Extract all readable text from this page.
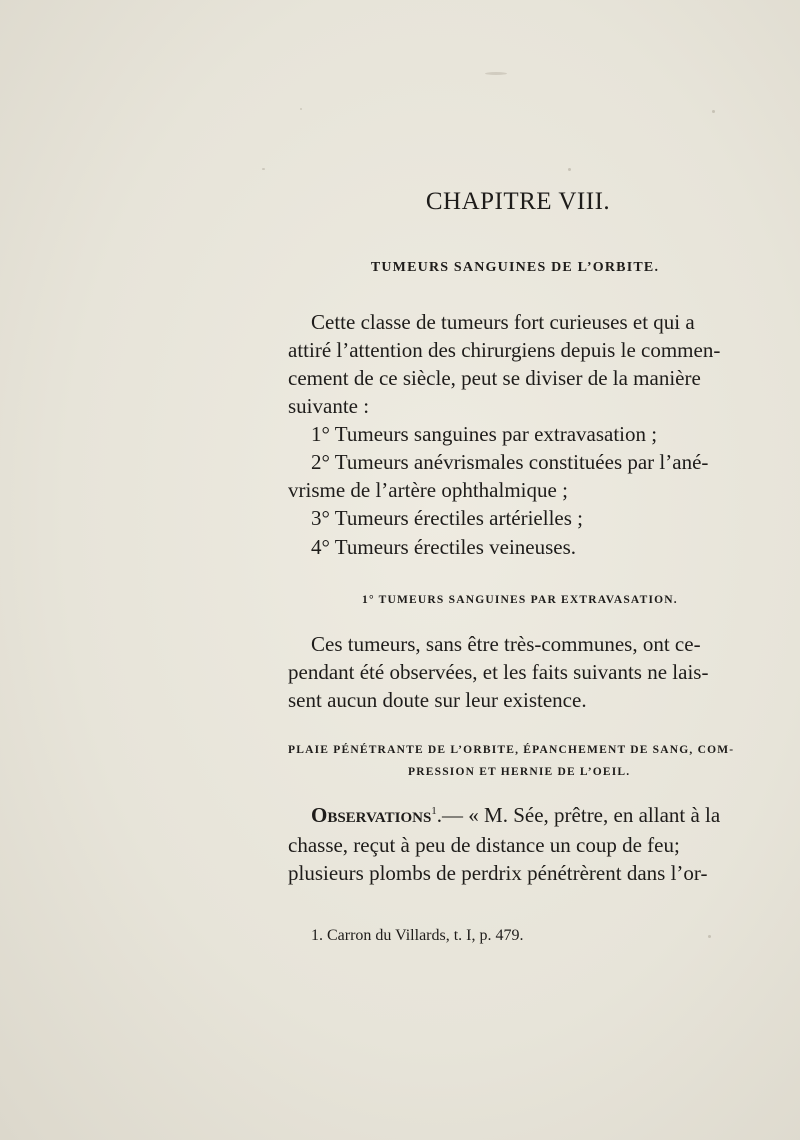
CHAPITRE VIII.
TUMEURS SANGUINES DE L’ORBITE.
Cette classe de tumeurs fort curieuses et qui a
attiré l’attention des chirurgiens depuis le commen-
cement de ce siècle, peut se diviser de la manière
suivante :
1° Tumeurs sanguines par extravasation ;
2° Tumeurs anévrismales constituées par l’ané-
vrisme de l’artère ophthalmique ;
3° Tumeurs érectiles artérielles ;
4° Tumeurs érectiles veineuses.
1° TUMEURS SANGUINES PAR EXTRAVASATION.
Ces tumeurs, sans être très-communes, ont ce-
pendant été observées, et les faits suivants ne lais-
sent aucun doute sur leur existence.
PLAIE PÉNÉTRANTE DE L’ORBITE, ÉPANCHEMENT DE SANG, COM-
PRESSION ET HERNIE DE L’OEIL.
Observations$^1$.— « M. Sée, prêtre, en allant à la
chasse, reçut à peu de distance un coup de feu;
plusieurs plombs de perdrix pénétrèrent dans l’or-
1. Carron du Villards, t. I, p. 479.
